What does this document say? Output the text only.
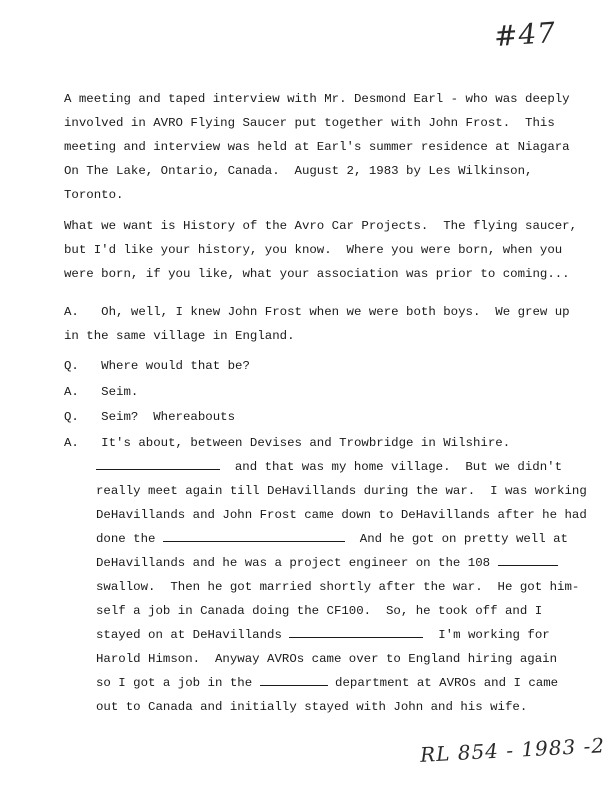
#47
A meeting and taped interview with Mr. Desmond Earl - who was deeply
involved in AVRO Flying Saucer put together with John Frost.  This
meeting and interview was held at Earl's summer residence at Niagara
On The Lake, Ontario, Canada.  August 2, 1983 by Les Wilkinson,
Toronto.
What we want is History of the Avro Car Projects.  The flying saucer,
but I'd like your history, you know.  Where you were born, when you
were born, if you like, what your association was prior to coming...
A.   Oh, well, I knew John Frost when we were both boys.  We grew up
in the same village in England.
Q.   Where would that be?
A.   Seim.
Q.   Seim?  Whereabouts
A.   It's about, between Devises and Trowbridge in Wilshire.
and that was my home village.  But we didn't
really meet again till DeHavillands during the war.  I was working
DeHavillands and John Frost came down to DeHavillands after he had
done the	And he got on pretty well at
DeHavillands and he was a project engineer on the 108
swallow.  Then he got married shortly after the war.  He got him-
self a job in Canada doing the CF100.  So, he took off and I
stayed on at DeHavillands	I'm working for
Harold Himson.  Anyway AVROs came over to England hiring again
so I got a job in the	department at AVROs and I came
out to Canada and initially stayed with John and his wife.
RL 854 - 1983 -2
